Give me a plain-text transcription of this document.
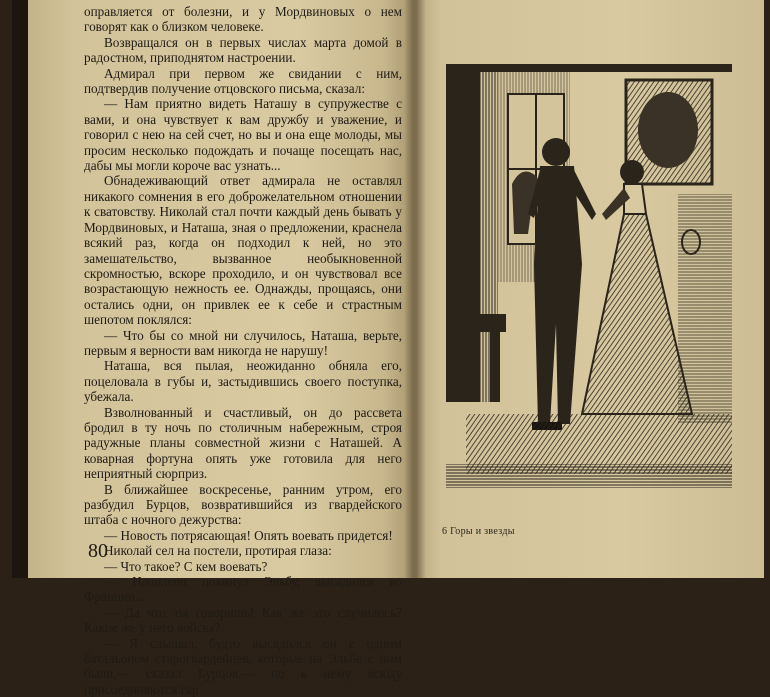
оправляется от болезни, и у Мордвиновых о нем говорят как о близком человеке.

Возвращался он в первых числах марта домой в радостном, приподнятом настроении.

Адмирал при первом же свидании с ним, подтвердив получение отцовского письма, сказал:

— Нам приятно видеть Наташу в супружестве с вами, и она чувствует к вам дружбу и уважение, и говорил с нею на сей счет, но вы и она еще молоды, мы просим несколько подождать и почаще посещать нас, дабы мы могли короче вас узнать...

Обнадеживающий ответ адмирала не оставлял никакого сомнения в его доброжелательном отношении к сватовству. Николай стал почти каждый день бывать у Мордвиновых, и Наташа, зная о предложении, краснела всякий раз, когда он подходил к ней, но это замешательство, вызванное необыкновенной скромностью, вскоре проходило, и он чувствовал все возрастающую нежность ее. Однажды, прощаясь, они остались одни, он привлек ее к себе и страстным шепотом поклялся:

— Что бы со мной ни случилось, Наташа, верьте, первым я верности вам никогда не нарушу!

Наташа, вся пылая, неожиданно обняла его, поцеловала в губы и, застыдившись своего поступка, убежала.

Взволнованный и счастливый, он до рассвета бродил в ту ночь по столичным набережным, строя радужные планы совместной жизни с Наташей. А коварная фортуна опять уже готовила для него неприятный сюрприз.

В ближайшее воскресенье, ранним утром, его разбудил Бурцов, возвратившийся из гвардейского штаба с ночного дежурства:

— Новость потрясающая! Опять воевать придется!

Николай сел на постели, протирая глаза:

— Что такое? С кем воевать?

— Наполеон покинул Эльбу, высадился во Франции...

— Да что ты говоришь! Как же это случилось? Какие же у него войска?

— Я слышал, будто высадился он с одним батальоном старогвардейцев, которые на Эльбе с ним были,— сказал Бурцов,— по к нему всюду присоединяются гар

80
6 Горы и звезды
